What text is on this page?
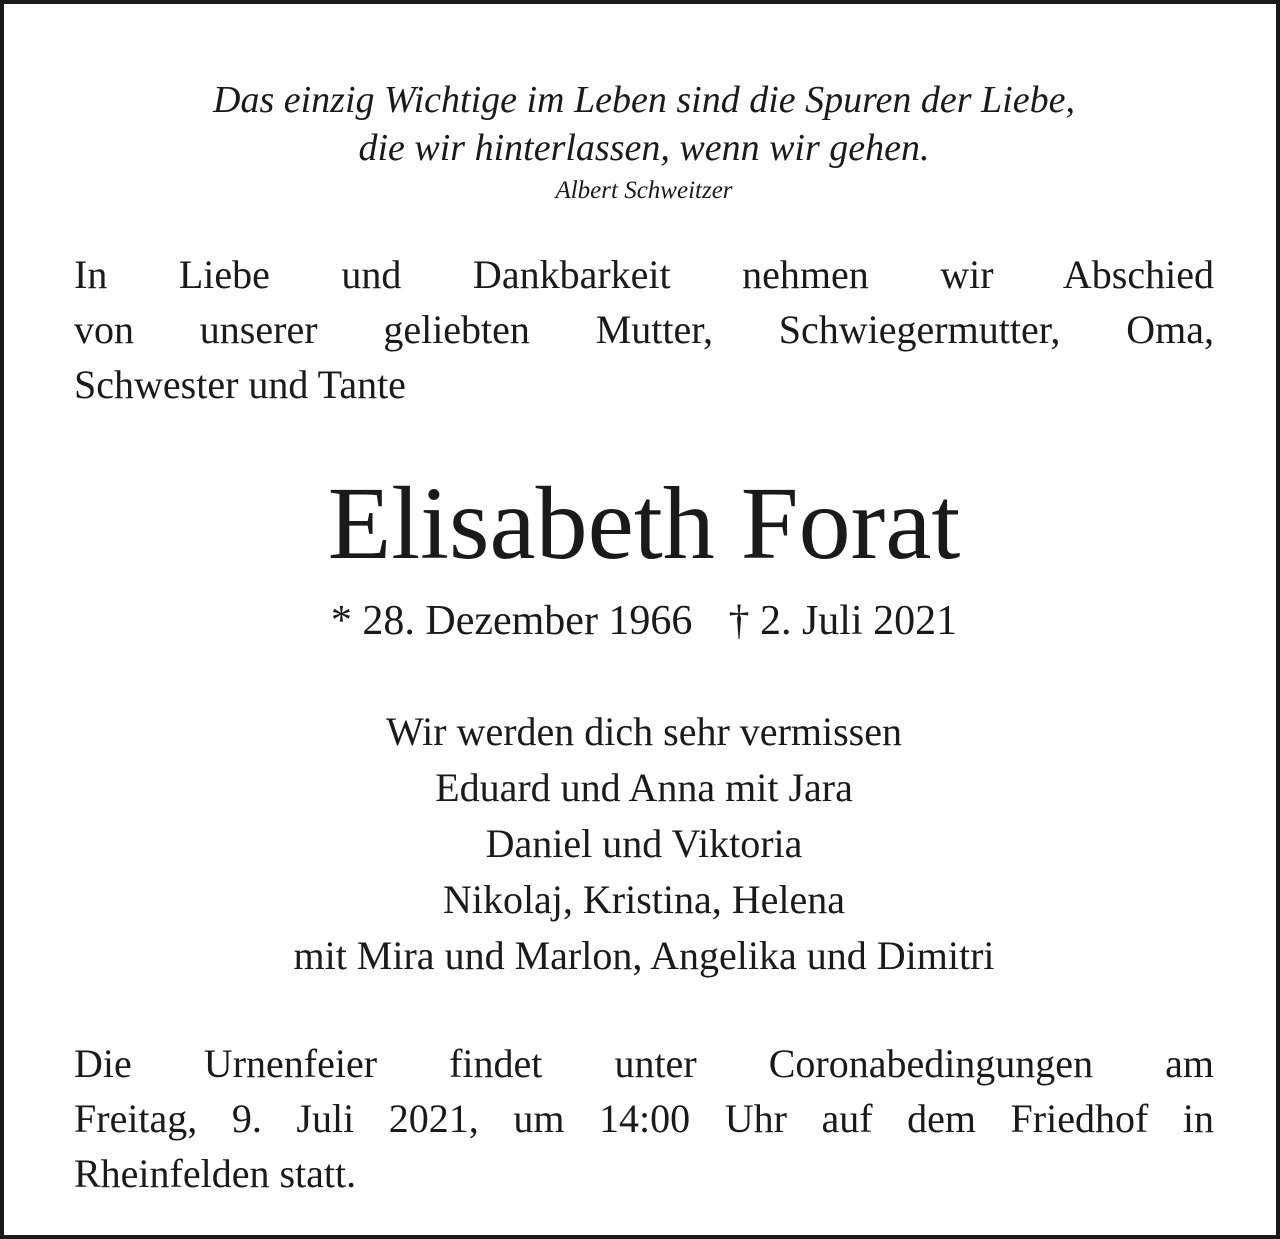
Das einzig Wichtige im Leben sind die Spuren der Liebe,
die wir hinterlassen, wenn wir gehen.
Albert Schweitzer
In Liebe und Dankbarkeit nehmen wir Abschied
von unserer geliebten Mutter, Schwiegermutter, Oma,
Schwester und Tante
Elisabeth Forat
* 28. Dezember 1966 † 2. Juli 2021
Wir werden dich sehr vermissen
Eduard und Anna mit Jara
Daniel und Viktoria
Nikolaj, Kristina, Helena
mit Mira und Marlon, Angelika und Dimitri
Die Urnenfeier findet unter Coronabedingungen am
Freitag, 9. Juli 2021, um 14:00 Uhr auf dem Friedhof in
Rheinfelden statt.
